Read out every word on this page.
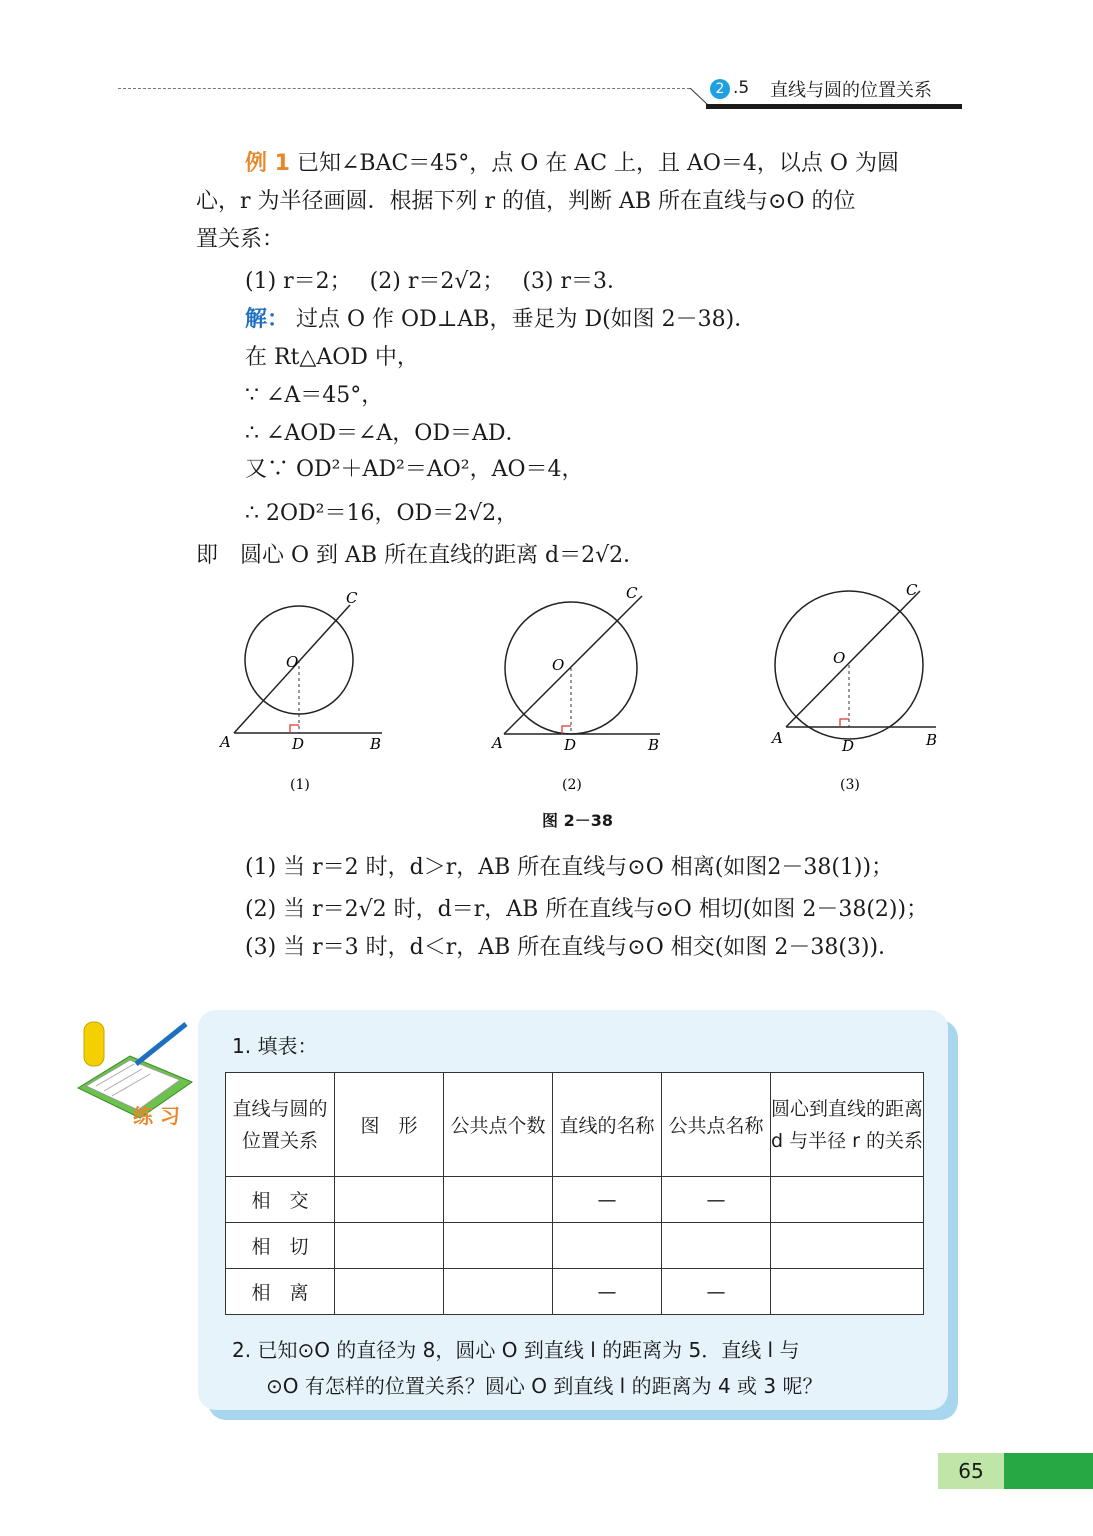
2 .5 直线与圆的位置关系
例 1 已知∠BAC＝45°，点 O 在 AC 上，且 AO＝4，以点 O 为圆
心，r 为半径画圆．根据下列 r 的值，判断 AB 所在直线与⊙O 的位
置关系：
(1) r＝2；　 (2) r＝2√2；　 (3) r＝3．
解： 过点 O 作 OD⊥AB，垂足为 D(如图 2－38)．
在 Rt△AOD 中，
∵ ∠A＝45°，
∴ ∠AOD＝∠A，OD＝AD．
又∵ OD²＋AD²＝AO²，AO＝4，
∴ 2OD²＝16，OD＝2√2，
即　圆心 O 到 AB 所在直线的距离 d＝2√2．
A	D	B
C
O
(1)
A	D	B
C
O
(2)
A	D	B
C
O
(3)
图 2－38
(1) 当 r＝2 时，d＞r，AB 所在直线与⊙O 相离(如图2－38(1))；
(2) 当 r＝2√2 时，d＝r，AB 所在直线与⊙O 相切(如图 2－38(2))；
(3) 当 r＝3 时，d＜r，AB 所在直线与⊙O 相交(如图 2－38(3))．
练 习
1. 填表：
直线与圆的位置关系	图　形	公共点个数	直线的名称	公共点名称	圆心到直线的距离 d 与半径 r 的关系
相　交			—	—	
相　切					
相　离			—	—	
2. 已知⊙O 的直径为 8，圆心 O 到直线 l 的距离为 5．直线 l 与
⊙O 有怎样的位置关系？圆心 O 到直线 l 的距离为 4 或 3 呢？
65
